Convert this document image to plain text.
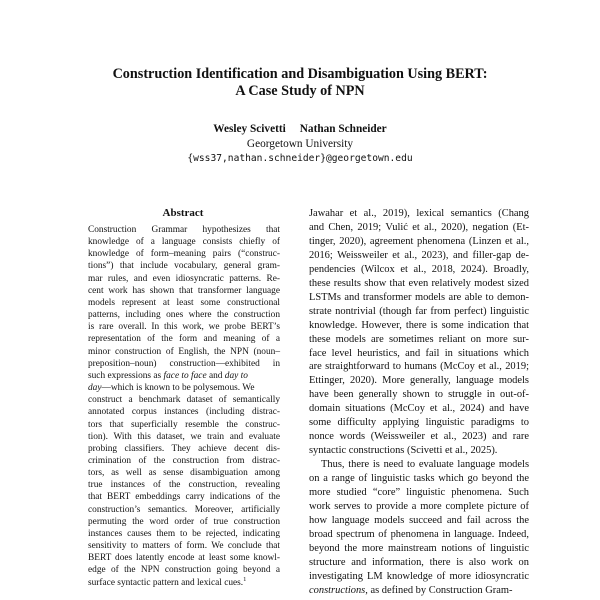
Construction Identification and Disambiguation Using BERT:
A Case Study of NPN
Wesley Scivetti Nathan Schneider
Georgetown University
{wss37,nathan.schneider}@georgetown.edu
Abstract
Construction Grammar hypothesizes that
knowledge of a language consists chiefly of
knowledge of form–meaning pairs (“construc-
tions”) that include vocabulary, general gram-
mar rules, and even idiosyncratic patterns. Re-
cent work has shown that transformer language
models represent at least some constructional
patterns, including ones where the construction
is rare overall. In this work, we probe BERT’s
representation of the form and meaning of a
minor construction of English, the NPN (noun–
preposition–noun) construction—exhibited in
such expressions as face to face and day to
day—which is known to be polysemous. We
construct a benchmark dataset of semantically
annotated corpus instances (including distrac-
tors that superficially resemble the construc-
tion). With this dataset, we train and evaluate
probing classifiers. They achieve decent dis-
crimination of the construction from distrac-
tors, as well as sense disambiguation among
true instances of the construction, revealing
that BERT embeddings carry indications of the
construction’s semantics. Moreover, artificially
permuting the word order of true construction
instances causes them to be rejected, indicating
sensitivity to matters of form. We conclude that
BERT does latently encode at least some knowl-
edge of the NPN construction going beyond a
surface syntactic pattern and lexical cues.$^1$
Jawahar et al., 2019), lexical semantics (Chang
and Chen, 2019; Vulić et al., 2020), negation (Et-
tinger, 2020), agreement phenomena (Linzen et al.,
2016; Weissweiler et al., 2023), and filler-gap de-
pendencies (Wilcox et al., 2018, 2024). Broadly,
these results show that even relatively modest sized
LSTMs and transformer models are able to demon-
strate nontrivial (though far from perfect) linguistic
knowledge. However, there is some indication that
these models are sometimes reliant on more sur-
face level heuristics, and fail in situations which
are straightforward to humans (McCoy et al., 2019;
Ettinger, 2020). More generally, language models
have been generally shown to struggle in out-of-
domain situations (McCoy et al., 2024) and have
some difficulty applying linguistic paradigms to
nonce words (Weissweiler et al., 2023) and rare
syntactic constructions (Scivetti et al., 2025).
Thus, there is need to evaluate language models
on a range of linguistic tasks which go beyond the
more studied “core” linguistic phenomena. Such
work serves to provide a more complete picture of
how language models succeed and fail across the
broad spectrum of phenomena in language. Indeed,
beyond the more mainstream notions of linguistic
structure and information, there is also work on
investigating LM knowledge of more idiosyncratic
constructions, as defined by Construction Gram-
